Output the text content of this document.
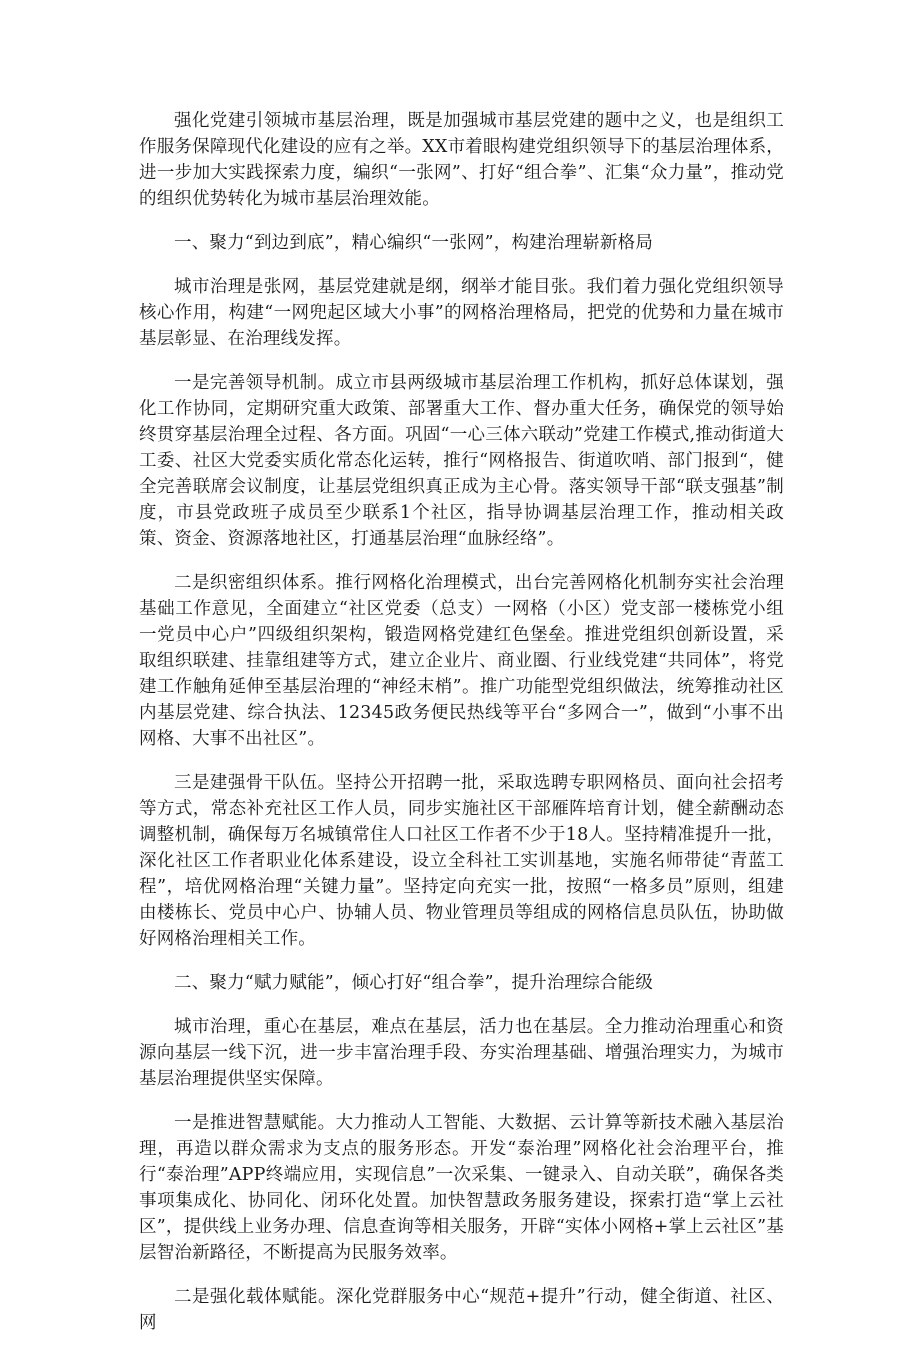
强化党建引领城市基层治理，既是加强城市基层党建的题中之义，也是组织工作服务保障现代化建设的应有之举。XX市着眼构建党组织领导下的基层治理体系，进一步加大实践探索力度，编织“一张网”、打好“组合拳”、汇集“众力量”，推动党的组织优势转化为城市基层治理效能。

一、聚力“到边到底”，精心编织“一张网”，构建治理崭新格局

城市治理是张网，基层党建就是纲，纲举才能目张。我们着力强化党组织领导核心作用，构建“一网兜起区域大小事”的网格治理格局，把党的优势和力量在城市基层彰显、在治理线发挥。

一是完善领导机制。成立市县两级城市基层治理工作机构，抓好总体谋划，强化工作协同，定期研究重大政策、部署重大工作、督办重大任务，确保党的领导始终贯穿基层治理全过程、各方面。巩固“一心三体六联动”党建工作模式,推动街道大工委、社区大党委实质化常态化运转，推行“网格报告、街道吹哨、部门报到“，健全完善联席会议制度，让基层党组织真正成为主心骨。落实领导干部“联支强基”制度，市县党政班子成员至少联系1个社区，指导协调基层治理工作，推动相关政策、资金、资源落地社区，打通基层治理“血脉经络”。

二是织密组织体系。推行网格化治理模式，出台完善网格化机制夯实社会治理基础工作意见，全面建立“社区党委（总支）一网格（小区）党支部一楼栋党小组一党员中心户”四级组织架构，锻造网格党建红色堡垒。推进党组织创新设置，采取组织联建、挂靠组建等方式，建立企业片、商业圈、行业线党建“共同体”，将党建工作触角延伸至基层治理的“神经末梢”。推广功能型党组织做法，统筹推动社区内基层党建、综合执法、12345政务便民热线等平台“多网合一”，做到“小事不出网格、大事不出社区”。

三是建强骨干队伍。坚持公开招聘一批，采取选聘专职网格员、面向社会招考等方式，常态补充社区工作人员，同步实施社区干部雁阵培育计划，健全薪酬动态调整机制，确保每万名城镇常住人口社区工作者不少于18人。坚持精准提升一批，深化社区工作者职业化体系建设，设立全科社工实训基地，实施名师带徒“青蓝工程”，培优网格治理“关键力量”。坚持定向充实一批，按照“一格多员”原则，组建由楼栋长、党员中心户、协辅人员、物业管理员等组成的网格信息员队伍，协助做好网格治理相关工作。

二、聚力“赋力赋能”，倾心打好“组合拳”，提升治理综合能级

城市治理，重心在基层，难点在基层，活力也在基层。全力推动治理重心和资源向基层一线下沉，进一步丰富治理手段、夯实治理基础、增强治理实力，为城市基层治理提供坚实保障。

一是推进智慧赋能。大力推动人工智能、大数据、云计算等新技术融入基层治理，再造以群众需求为支点的服务形态。开发“泰治理”网格化社会治理平台，推行“泰治理”APP终端应用，实现信息”一次采集、一键录入、自动关联”，确保各类事项集成化、协同化、闭环化处置。加快智慧政务服务建设，探索打造“掌上云社区”，提供线上业务办理、信息查询等相关服务，开辟“实体小网格+掌上云社区”基层智治新路径，不断提高为民服务效率。

二是强化载体赋能。深化党群服务中心“规范+提升”行动，健全街道、社区、网
